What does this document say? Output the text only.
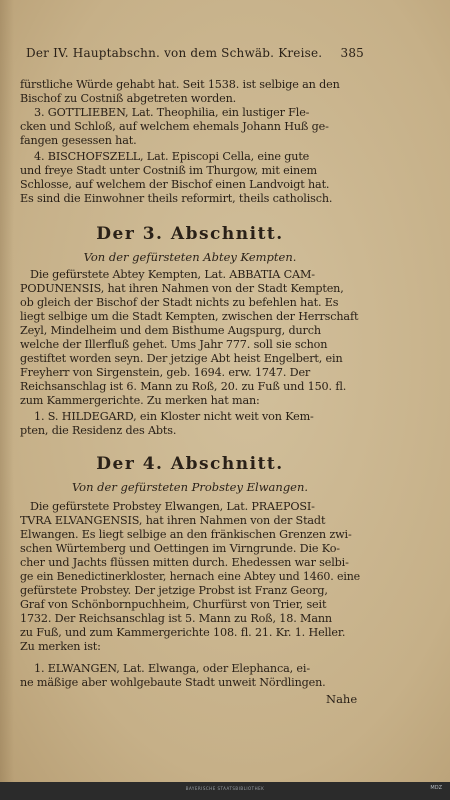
Der IV. Hauptabschn. von dem Schwäb. Kreise. 385
fürstliche Würde gehabt hat. Seit 1538. ist selbige an den
Bischof zu Costniß abgetreten worden.
3. GOTTLIEBEN, Lat. Theophilia, ein lustiger Fle-
cken und Schloß, auf welchem ehemals Johann Huß ge-
fangen gesessen hat.
4. BISCHOFSZELL, Lat. Episcopi Cella, eine gute
und freye Stadt unter Costniß im Thurgow, mit einem
Schlosse, auf welchem der Bischof einen Landvoigt hat.
Es sind die Einwohner theils reformirt, theils catholisch.
Der 3. Abschnitt.
Von der gefürsteten Abtey Kempten.
Die gefürstete Abtey Kempten, Lat. ABBATIA CAM-
PODUNENSIS, hat ihren Nahmen von der Stadt Kempten,
ob gleich der Bischof der Stadt nichts zu befehlen hat. Es
liegt selbige um die Stadt Kempten, zwischen der Herrschaft
Zeyl, Mindelheim und dem Bisthume Augspurg, durch
welche der Illerfluß gehet. Ums Jahr 777. soll sie schon
gestiftet worden seyn. Der jetzige Abt heist Engelbert, ein
Freyherr von Sirgenstein, geb. 1694. erw. 1747. Der
Reichsanschlag ist 6. Mann zu Roß, 20. zu Fuß und 150. fl.
zum Kammergerichte. Zu merken hat man:
1. S. HILDEGARD, ein Kloster nicht weit von Kem-
pten, die Residenz des Abts.
Der 4. Abschnitt.
Von der gefürsteten Probstey Elwangen.
Die gefürstete Probstey Elwangen, Lat. PRAEPOSI-
TVRA ELVANGENSIS, hat ihren Nahmen von der Stadt
Elwangen. Es liegt selbige an den fränkischen Grenzen zwi-
schen Würtemberg und Oettingen im Virngrunde. Die Ko-
cher und Jachts flüssen mitten durch. Ehedessen war selbi-
ge ein Benedictinerkloster, hernach eine Abtey und 1460. eine
gefürstete Probstey. Der jetzige Probst ist Franz Georg,
Graf von Schönbornpuchheim, Churfürst von Trier, seit
1732. Der Reichsanschlag ist 5. Mann zu Roß, 18. Mann
zu Fuß, und zum Kammergerichte 108. fl. 21. Kr. 1. Heller.
Zu merken ist:
1. ELWANGEN, Lat. Elwanga, oder Elephanca, ei-
ne mäßige aber wohlgebaute Stadt unweit Nördlingen.
Nahe
BAYERISCHE STAATSBIBLIOTHEK	MDZ
